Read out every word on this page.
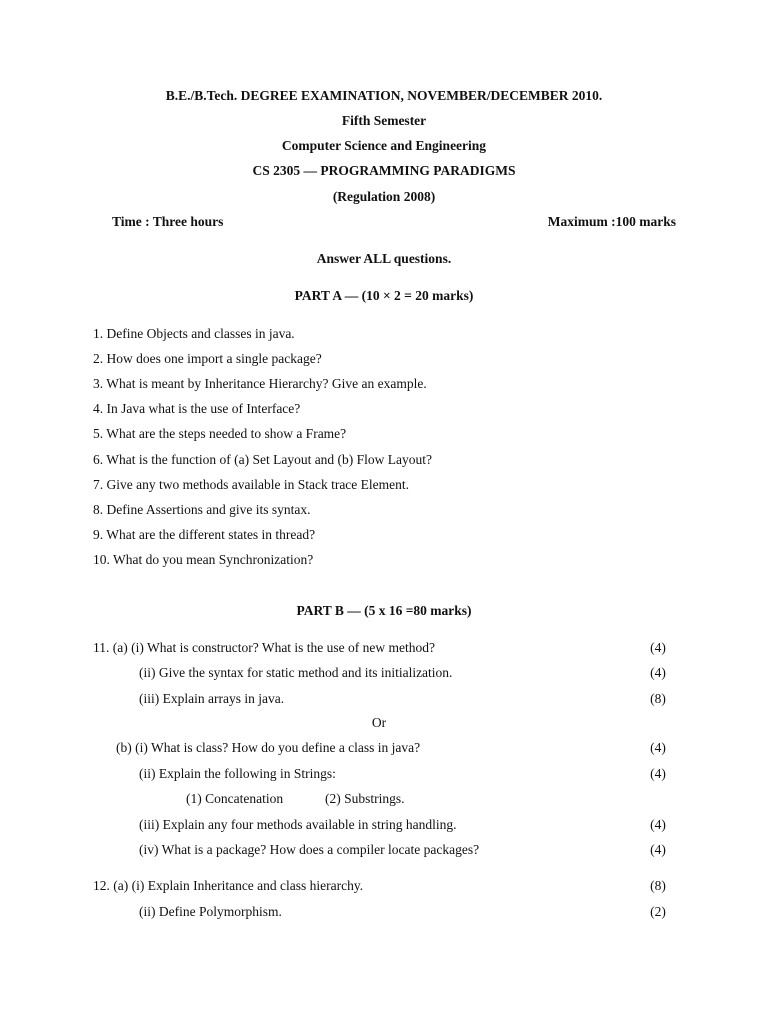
B.E./B.Tech. DEGREE EXAMINATION, NOVEMBER/DECEMBER 2010.
Fifth Semester
Computer Science and Engineering
CS 2305 — PROGRAMMING PARADIGMS
(Regulation 2008)
Time : Three hours	Maximum :100 marks
Answer ALL questions.
PART A — (10 × 2 = 20 marks)
1. Define Objects and classes in java.
2. How does one import a single package?
3. What is meant by Inheritance Hierarchy? Give an example.
4. In Java what is the use of Interface?
5. What are the steps needed to show a Frame?
6. What is the function of (a) Set Layout and (b) Flow Layout?
7. Give any two methods available in Stack trace Element.
8. Define Assertions and give its syntax.
9. What are the different states in thread?
10. What do you mean Synchronization?
PART B — (5 x 16 =80 marks)
11. (a) (i) What is constructor? What is the use of new method?	(4)
(ii) Give the syntax for static method and its initialization.	(4)
(iii) Explain arrays in java.	(8)
Or
(b) (i) What is class? How do you define a class in java?	(4)
(ii) Explain the following in Strings:	(4)
(1) Concatenation	(2) Substrings.
(iii) Explain any four methods available in string handling.	(4)
(iv) What is a package? How does a compiler locate packages?	(4)
12. (a) (i) Explain Inheritance and class hierarchy.	(8)
(ii) Define Polymorphism.	(2)
